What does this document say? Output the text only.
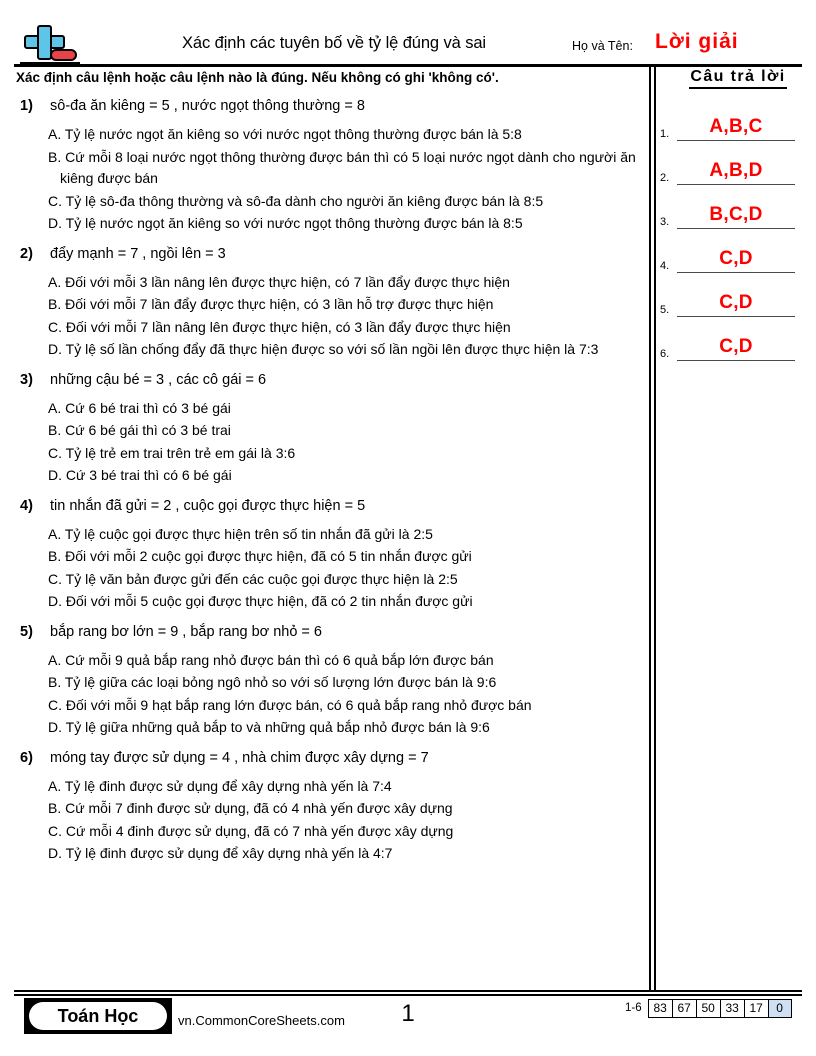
Xác định các tuyên bố về tỷ lệ đúng và sai	Họ và Tên: Lời giải
Xác định câu lệnh hoặc câu lệnh nào là đúng. Nếu không có ghi 'không có'.
1) sô-đa ăn kiêng = 5 , nước ngọt thông thường = 8
A. Tỷ lệ nước ngọt ăn kiêng so với nước ngọt thông thường được bán là 5:8
B. Cứ mỗi 8 loại nước ngọt thông thường được bán thì có 5 loại nước ngọt dành cho người ăn kiêng được bán
C. Tỷ lệ sô-đa thông thường và sô-đa dành cho người ăn kiêng được bán là 8:5
D. Tỷ lệ nước ngọt ăn kiêng so với nước ngọt thông thường được bán là 8:5
2) đẩy mạnh = 7 , ngồi lên = 3
A. Đối với mỗi 3 lần nâng lên được thực hiện, có 7 lần đẩy được thực hiện
B. Đối với mỗi 7 lần đẩy được thực hiện, có 3 lần hỗ trợ được thực hiện
C. Đối với mỗi 7 lần nâng lên được thực hiện, có 3 lần đẩy được thực hiện
D. Tỷ lệ số lần chống đẩy đã thực hiện được so với số lần ngồi lên được thực hiện là 7:3
3) những cậu bé = 3 , các cô gái = 6
A. Cứ 6 bé trai thì có 3 bé gái
B. Cứ 6 bé gái thì có 3 bé trai
C. Tỷ lệ trẻ em trai trên trẻ em gái là 3:6
D. Cứ 3 bé trai thì có 6 bé gái
4) tin nhắn đã gửi = 2 , cuộc gọi được thực hiện = 5
A. Tỷ lệ cuộc gọi được thực hiện trên số tin nhắn đã gửi là 2:5
B. Đối với mỗi 2 cuộc gọi được thực hiện, đã có 5 tin nhắn được gửi
C. Tỷ lệ văn bản được gửi đến các cuộc gọi được thực hiện là 2:5
D. Đối với mỗi 5 cuộc gọi được thực hiện, đã có 2 tin nhắn được gửi
5) bắp rang bơ lớn = 9 , bắp rang bơ nhỏ = 6
A. Cứ mỗi 9 quả bắp rang nhỏ được bán thì có 6 quả bắp lớn được bán
B. Tỷ lệ giữa các loại bỏng ngô nhỏ so với số lượng lớn được bán là 9:6
C. Đối với mỗi 9 hạt bắp rang lớn được bán, có 6 quả bắp rang nhỏ được bán
D. Tỷ lệ giữa những quả bắp to và những quả bắp nhỏ được bán là 9:6
6) móng tay được sử dụng = 4 , nhà chim được xây dựng = 7
A. Tỷ lệ đinh được sử dụng để xây dựng nhà yến là 7:4
B. Cứ mỗi 7 đinh được sử dụng, đã có 4 nhà yến được xây dựng
C. Cứ mỗi 4 đinh được sử dụng, đã có 7 nhà yến được xây dựng
D. Tỷ lệ đinh được sử dụng để xây dựng nhà yến là 4:7
Câu trả lời
1.	A,B,C
2.	A,B,D
3.	B,C,D
4.	C,D
5.	C,D
6.	C,D
Toán Học	vn.CommonCoreSheets.com	1	1-6 83 67 50 33 17	0
